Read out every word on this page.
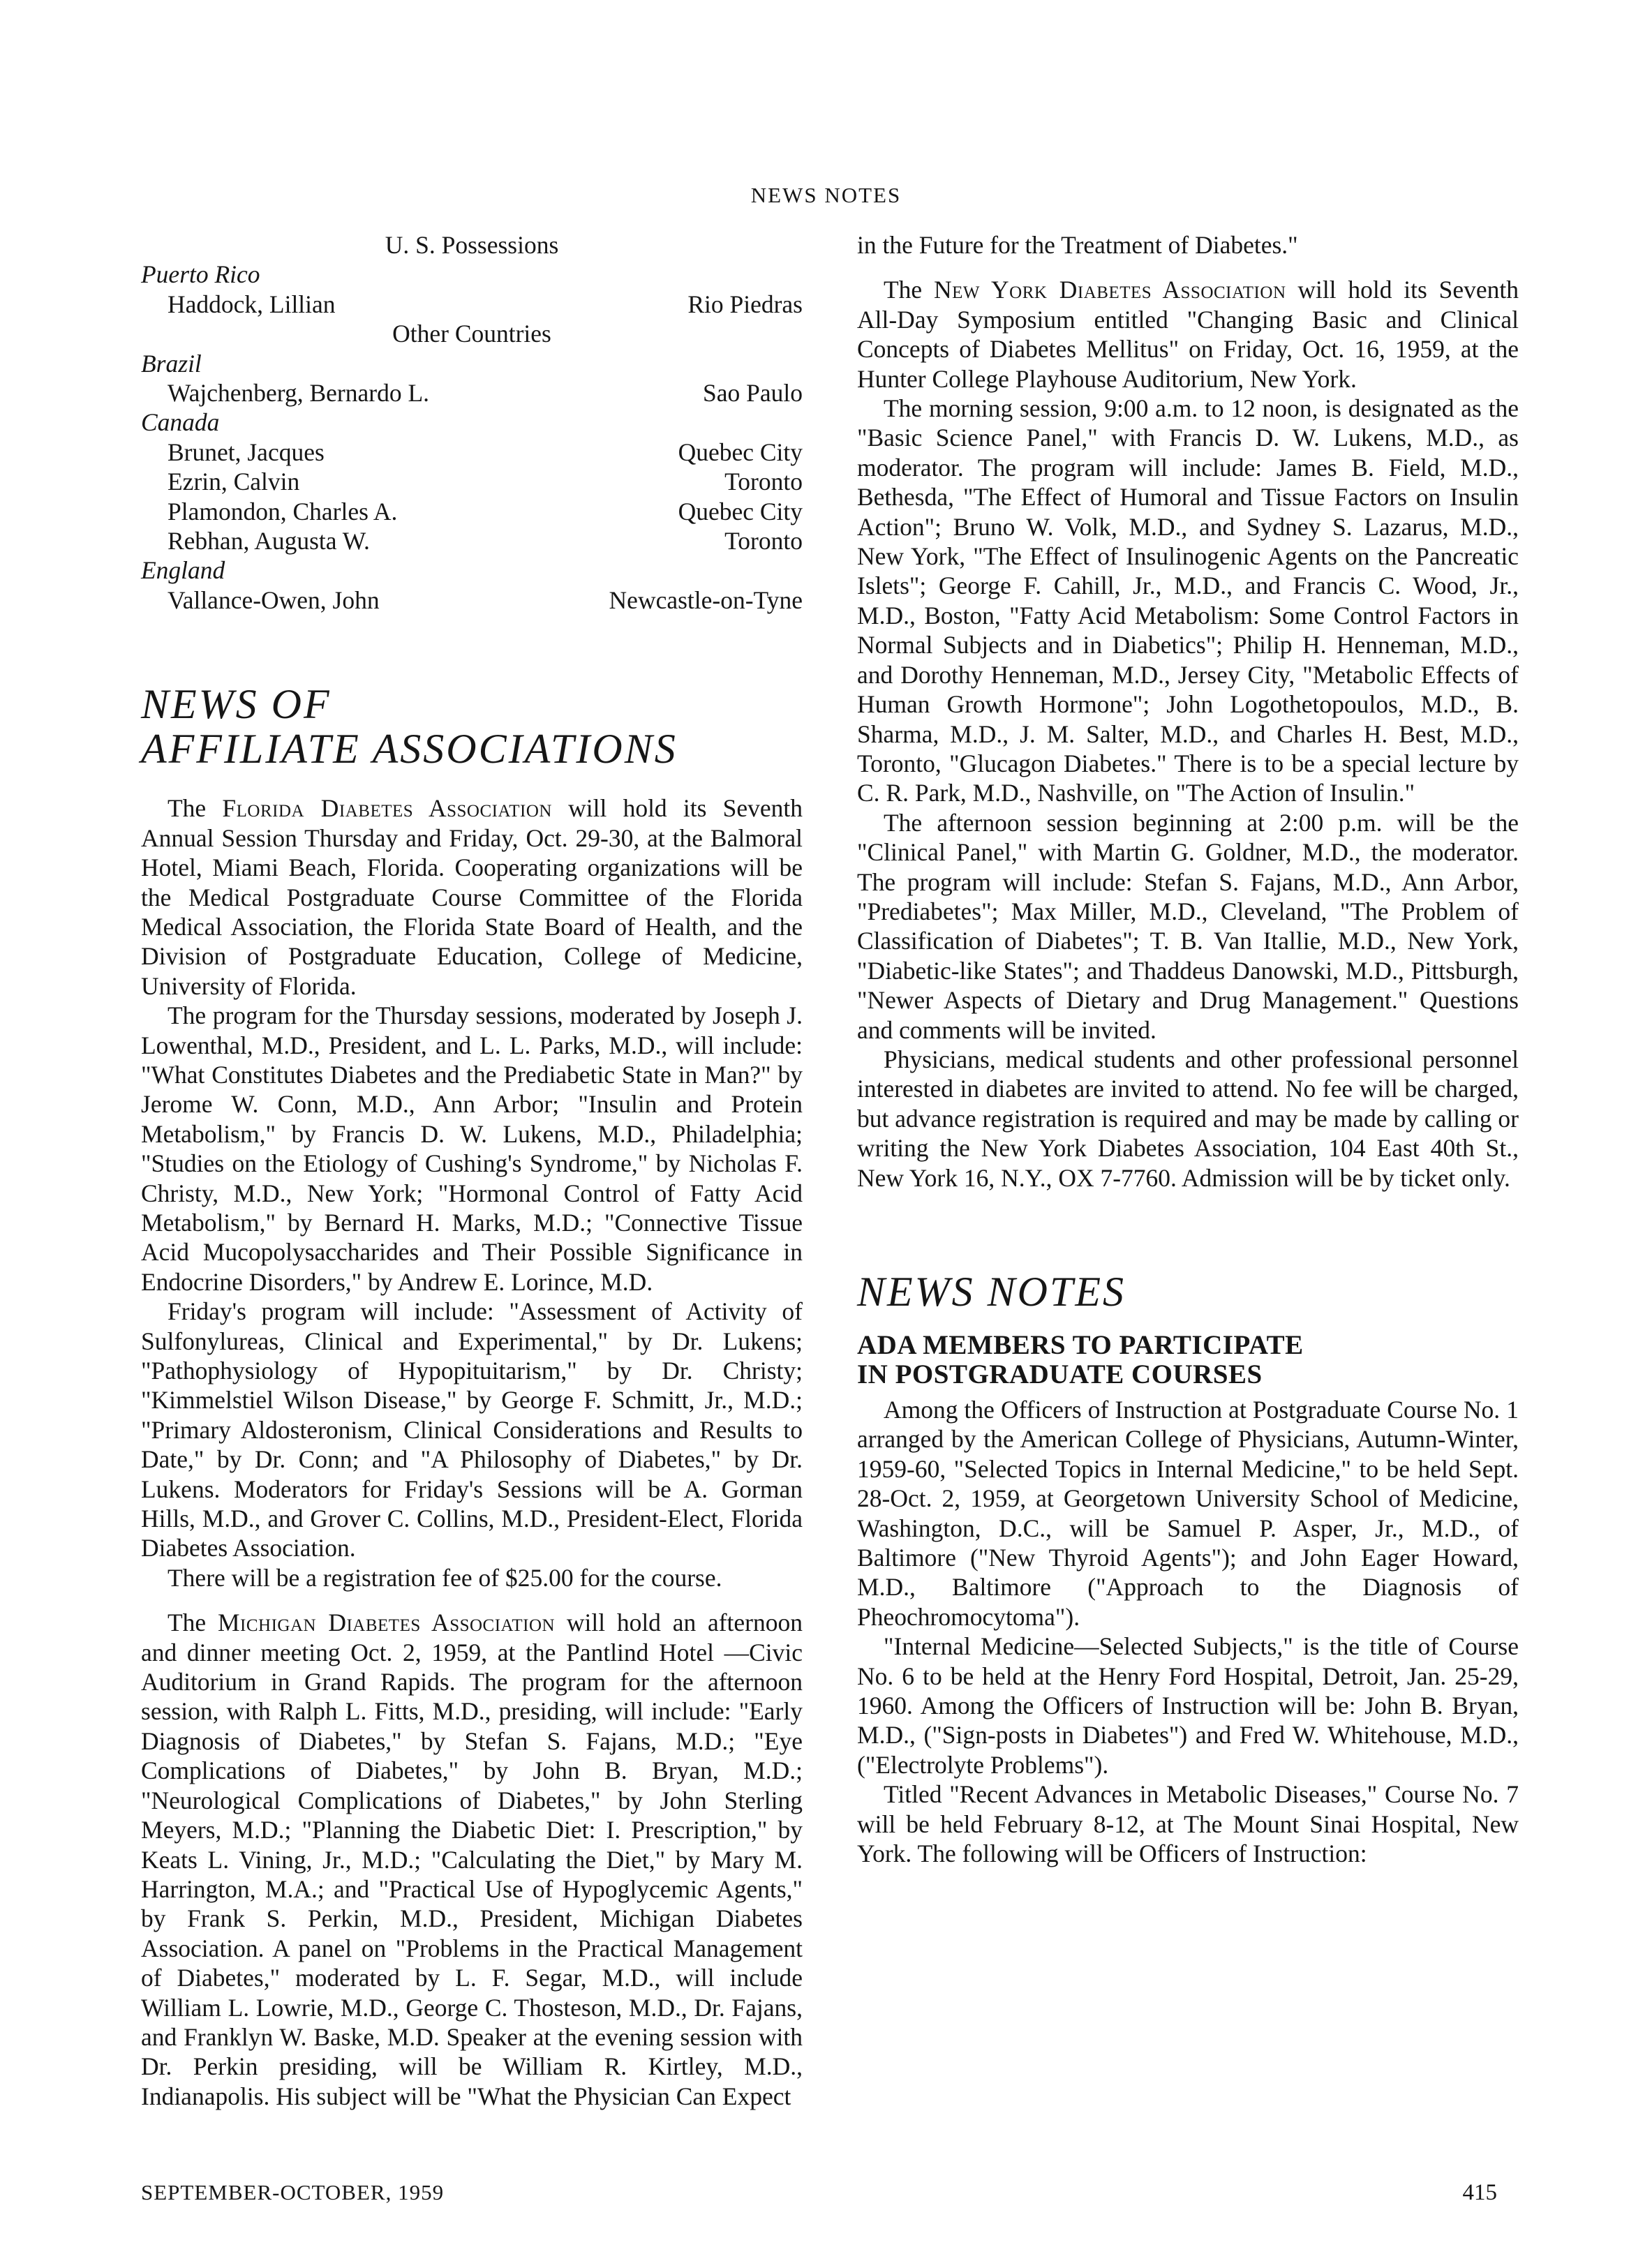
NEWS NOTES
U. S. Possessions
Puerto Rico
Haddock, Lillian	Rio Piedras
Other Countries
Brazil
Wajchenberg, Bernardo L.	Sao Paulo
Canada
Brunet, Jacques	Quebec City
Ezrin, Calvin	Toronto
Plamondon, Charles A.	Quebec City
Rebhan, Augusta W.	Toronto
England
Vallance-Owen, John	Newcastle-on-Tyne
NEWS OF
AFFILIATE ASSOCIATIONS

The Florida Diabetes Association will hold its Seventh Annual Session Thursday and Friday, Oct. 29-30, at the Balmoral Hotel, Miami Beach, Florida. Cooperating organizations will be the Medical Postgraduate Course Committee of the Florida Medical Association, the Florida State Board of Health, and the Division of Postgraduate Education, College of Medicine, University of Florida.

The program for the Thursday sessions, moderated by Joseph J. Lowenthal, M.D., President, and L. L. Parks, M.D., will include: "What Constitutes Diabetes and the Prediabetic State in Man?" by Jerome W. Conn, M.D., Ann Arbor; "Insulin and Protein Metabolism," by Francis D. W. Lukens, M.D., Philadelphia; "Studies on the Etiology of Cushing's Syndrome," by Nicholas F. Christy, M.D., New York; "Hormonal Control of Fatty Acid Metabolism," by Bernard H. Marks, M.D.; "Connective Tissue Acid Mucopolysaccharides and Their Possible Significance in Endocrine Disorders," by Andrew E. Lorince, M.D.

Friday's program will include: "Assessment of Activity of Sulfonylureas, Clinical and Experimental," by Dr. Lukens; "Pathophysiology of Hypopituitarism," by Dr. Christy; "Kimmelstiel Wilson Disease," by George F. Schmitt, Jr., M.D.; "Primary Aldosteronism, Clinical Considerations and Results to Date," by Dr. Conn; and "A Philosophy of Diabetes," by Dr. Lukens. Moderators for Friday's Sessions will be A. Gorman Hills, M.D., and Grover C. Collins, M.D., President-Elect, Florida Diabetes Association.

There will be a registration fee of $25.00 for the course.

The Michigan Diabetes Association will hold an afternoon and dinner meeting Oct. 2, 1959, at the Pantlind Hotel —Civic Auditorium in Grand Rapids. The program for the afternoon session, with Ralph L. Fitts, M.D., presiding, will include: "Early Diagnosis of Diabetes," by Stefan S. Fajans, M.D.; "Eye Complications of Diabetes," by John B. Bryan, M.D.; "Neurological Complications of Diabetes," by John Sterling Meyers, M.D.; "Planning the Diabetic Diet: I. Prescription," by Keats L. Vining, Jr., M.D.; "Calculating the Diet," by Mary M. Harrington, M.A.; and "Practical Use of Hypoglycemic Agents," by Frank S. Perkin, M.D., President, Michigan Diabetes Association. A panel on "Problems in the Practical Management of Diabetes," moderated by L. F. Segar, M.D., will include William L. Lowrie, M.D., George C. Thosteson, M.D., Dr. Fajans, and Franklyn W. Baske, M.D. Speaker at the evening session with Dr. Perkin presiding, will be William R. Kirtley, M.D., Indianapolis. His subject will be "What the Physician Can Expect

in the Future for the Treatment of Diabetes."

The New York Diabetes Association will hold its Seventh All-Day Symposium entitled "Changing Basic and Clinical Concepts of Diabetes Mellitus" on Friday, Oct. 16, 1959, at the Hunter College Playhouse Auditorium, New York.

The morning session, 9:00 a.m. to 12 noon, is designated as the "Basic Science Panel," with Francis D. W. Lukens, M.D., as moderator. The program will include: James B. Field, M.D., Bethesda, "The Effect of Humoral and Tissue Factors on Insulin Action"; Bruno W. Volk, M.D., and Sydney S. Lazarus, M.D., New York, "The Effect of Insulinogenic Agents on the Pancreatic Islets"; George F. Cahill, Jr., M.D., and Francis C. Wood, Jr., M.D., Boston, "Fatty Acid Metabolism: Some Control Factors in Normal Subjects and in Diabetics"; Philip H. Henneman, M.D., and Dorothy Henneman, M.D., Jersey City, "Metabolic Effects of Human Growth Hormone"; John Logothetopoulos, M.D., B. Sharma, M.D., J. M. Salter, M.D., and Charles H. Best, M.D., Toronto, "Glucagon Diabetes." There is to be a special lecture by C. R. Park, M.D., Nashville, on "The Action of Insulin."

The afternoon session beginning at 2:00 p.m. will be the "Clinical Panel," with Martin G. Goldner, M.D., the moderator. The program will include: Stefan S. Fajans, M.D., Ann Arbor, "Prediabetes"; Max Miller, M.D., Cleveland, "The Problem of Classification of Diabetes"; T. B. Van Itallie, M.D., New York, "Diabetic-like States"; and Thaddeus Danowski, M.D., Pittsburgh, "Newer Aspects of Dietary and Drug Management." Questions and comments will be invited.

Physicians, medical students and other professional personnel interested in diabetes are invited to attend. No fee will be charged, but advance registration is required and may be made by calling or writing the New York Diabetes Association, 104 East 40th St., New York 16, N.Y., OX 7-7760. Admission will be by ticket only.

NEWS NOTES
ADA MEMBERS TO PARTICIPATE
IN POSTGRADUATE COURSES

Among the Officers of Instruction at Postgraduate Course No. 1 arranged by the American College of Physicians, Autumn-Winter, 1959-60, "Selected Topics in Internal Medicine," to be held Sept. 28-Oct. 2, 1959, at Georgetown University School of Medicine, Washington, D.C., will be Samuel P. Asper, Jr., M.D., of Baltimore ("New Thyroid Agents"); and John Eager Howard, M.D., Baltimore ("Approach to the Diagnosis of Pheochromocytoma").

"Internal Medicine—Selected Subjects," is the title of Course No. 6 to be held at the Henry Ford Hospital, Detroit, Jan. 25-29, 1960. Among the Officers of Instruction will be: John B. Bryan, M.D., ("Sign-posts in Diabetes") and Fred W. Whitehouse, M.D., ("Electrolyte Problems").

Titled "Recent Advances in Metabolic Diseases," Course No. 7 will be held February 8-12, at The Mount Sinai Hospital, New York. The following will be Officers of Instruction:

SEPTEMBER-OCTOBER, 1959	415
